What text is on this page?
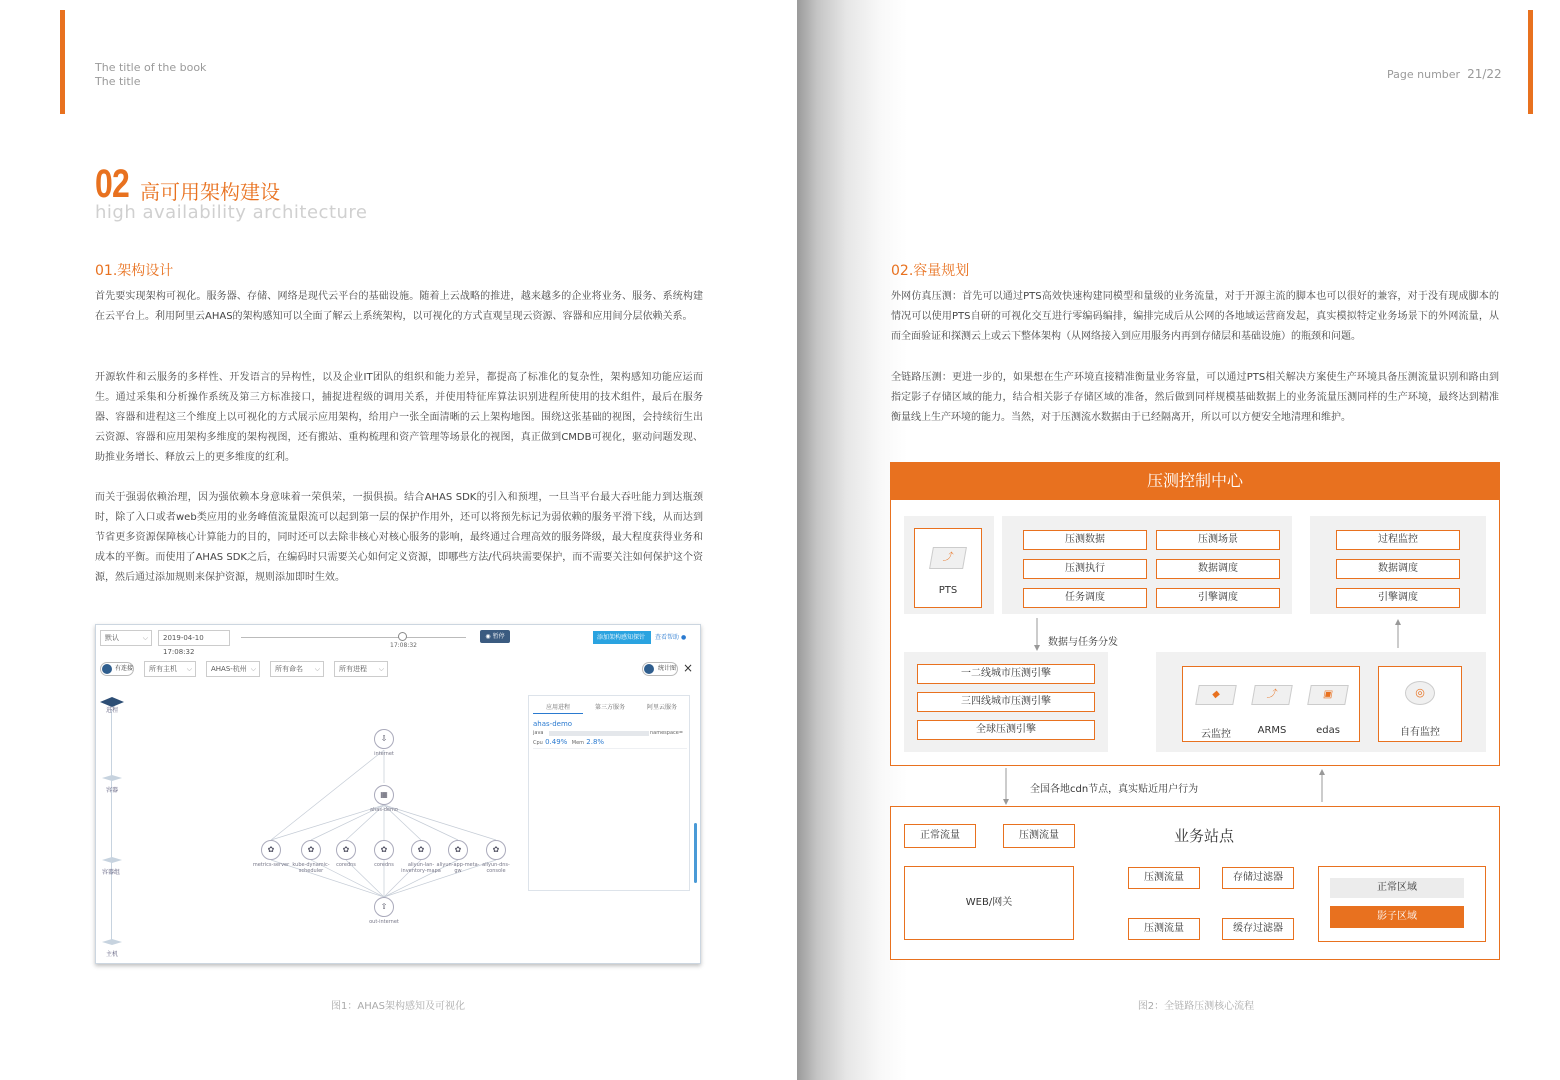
The title of the book
The title
02 高可用架构建设
high availability architecture
01.架构设计
首先要实现架构可视化。服务器、存储、网络是现代云平台的基础设施。随着上云战略的推进，越来越多的企业将业务、服务、系统构建在云平台上。利用阿里云AHAS的架构感知可以全面了解云上系统架构，以可视化的方式直观呈现云资源、容器和应用间分层依赖关系。
开源软件和云服务的多样性、开发语言的异构性，以及企业IT团队的组织和能力差异，都提高了标准化的复杂性，架构感知功能应运而生。通过采集和分析操作系统及第三方标准接口，捕捉进程级的调用关系，并使用特征库算法识别进程所使用的技术组件，最后在服务器、容器和进程这三个维度上以可视化的方式展示应用架构，给用户一张全面清晰的云上架构地图。围绕这张基础的视图，会持续衍生出云资源、容器和应用架构多维度的架构视图，还有搬站、重构梳理和资产管理等场景化的视图，真正做到CMDB可视化，驱动问题发现、助推业务增长、释放云上的更多维度的红利。
而关于强弱依赖治理，因为强依赖本身意味着一荣俱荣，一损俱损。结合AHAS SDK的引入和预埋，一旦当平台最大吞吐能力到达瓶颈时，除了入口或者web类应用的业务峰值流量限流可以起到第一层的保护作用外，还可以将预先标记为弱依赖的服务平滑下线，从而达到节省更多资源保障核心计算能力的目的，同时还可以去除非核心对核心服务的影响，最终通过合理高效的服务降级，最大程度获得业务和成本的平衡。而使用了AHAS SDK之后，在编码时只需要关心如何定义资源，即哪些方法/代码块需要保护，而不需要关注如何保护这个资源，然后通过添加规则来保护资源，规则添加即时生效。
默认	⌵	2019-04-10 17:08:32
17:08:32
◉ 暂停	添加架构感知探针	查看帮助 ●
有连接	所有主机 ⌵	AHAS-杭州 ⌵	所有命名 ⌵	所有进程 ⌵	统计图 ×
进程
容器
容器组
主机
⇩
internet
▦
ahas-demo
✿
metrics-server
✿
kube-dynamic-scheduler
✿
coredns
✿
coredns
✿
aliyun-lan-inventory-mapa
✿
aliyun-app-meta-gw
✿
aliyun-dns-console
⇧
out-internet
应用进程	第三方服务	阿里云服务
ahas-demo
java	namespace=
Cpu 0.49% Mem 2.8%
图1：AHAS架构感知及可视化
Page number 21/22
02.容量规划
外网仿真压测：首先可以通过PTS高效快速构建同模型和量级的业务流量，对于开源主流的脚本也可以很好的兼容，对于没有现成脚本的情况可以使用PTS自研的可视化交互进行零编码编排，编排完成后从公网的各地域运营商发起，真实模拟特定业务场景下的外网流量，从而全面验证和探测云上或云下整体架构（从网络接入到应用服务内再到存储层和基础设施）的瓶颈和问题。
全链路压测：更进一步的，如果想在生产环境直接精准衡量业务容量，可以通过PTS相关解决方案使生产环境具备压测流量识别和路由到指定影子存储区域的能力，结合相关影子存储区域的准备，然后做到同样规模基础数据上的业务流量压测同样的生产环境，最终达到精准衡量线上生产环境的能力。当然，对于压测流水数据由于已经隔离开，所以可以方便安全地清理和维护。
图2：全链路压测核心流程
压测控制中心
⤴
PTS
压测数据	压测场景
压测执行	数据调度
任务调度	引擎调度
过程监控
数据调度
引擎调度
数据与任务分发
一二线城市压测引擎
三四线城市压测引擎
全球压测引擎
◆	⤴	▣
云监控	ARMS	edas
◎
自有监控
全国各地cdn节点，真实贴近用户行为
业务站点
正常流量	压测流量
WEB/网关
压测流量	存储过滤器
压测流量	缓存过滤器
正常区域
影子区域
